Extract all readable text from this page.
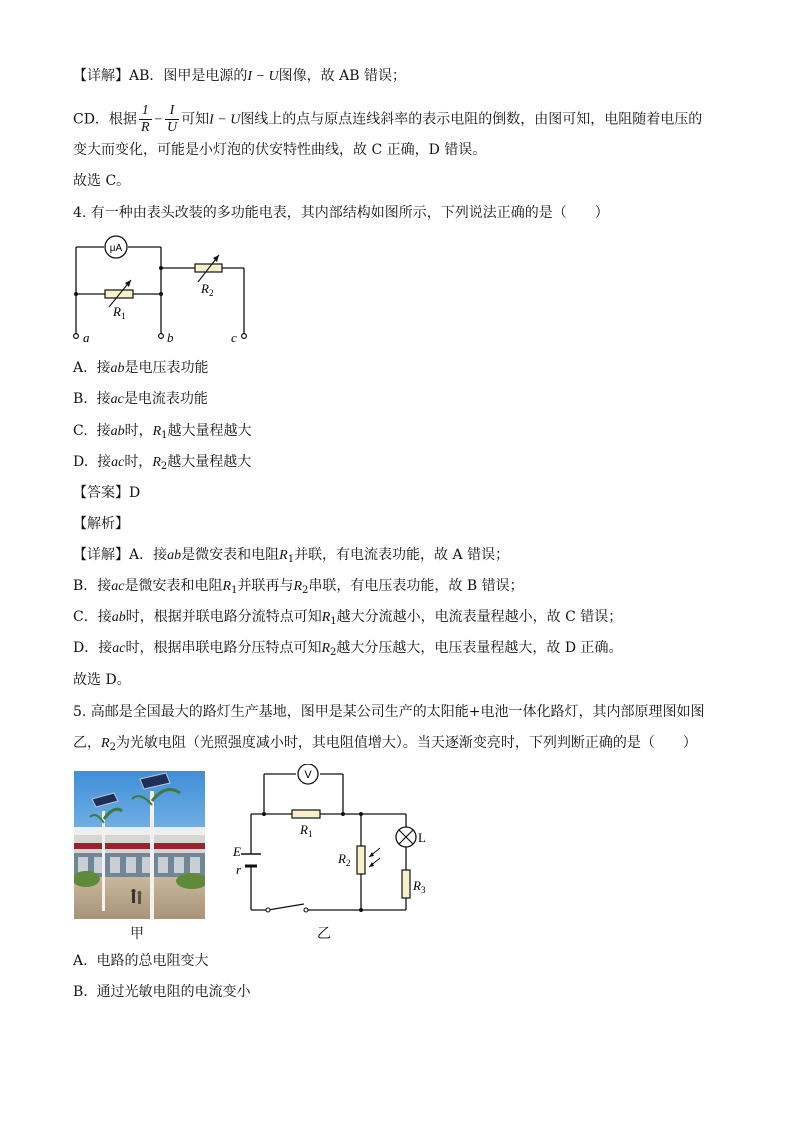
【详解】AB．图甲是电源的I − U图像，故 AB 错误；
CD．根据 $\frac{1}{R} - \frac{I}{U}$ 可知I − U图线上的点与原点连线斜率的表示电阻的倒数，由图可知，电阻随着电压的
变大而变化，可能是小灯泡的伏安特性曲线，故 C 正确，D 错误。
故选 C。
4. 有一种由表头改装的多功能电表，其内部结构如图所示，下列说法正确的是（　　）
μA
$R_1$
$R_2$
a	b	c
A. 接ab是电压表功能
B. 接ac是电流表功能
C. 接ab时，$R_1$越大量程越大
D. 接ac时，$R_2$越大量程越大
【答案】D
【解析】
【详解】A．接ab是微安表和电阻$R_1$并联，有电流表功能，故 A 错误；
B．接ac是微安表和电阻$R_1$并联再与$R_2$串联，有电压表功能，故 B 错误；
C．接ab时，根据并联电路分流特点可知$R_1$越大分流越小，电流表量程越小，故 C 错误；
D．接ac时，根据串联电路分压特点可知$R_2$越大分压越大，电压表量程越大，故 D 正确。
故选 D。
5. 高邮是全国最大的路灯生产基地，图甲是某公司生产的太阳能+电池一体化路灯，其内部原理图如图
乙，$R_2$为光敏电阻（光照强度减小时，其电阻值增大）。当天逐渐变亮时，下列判断正确的是（　　）
甲
V
E
r
$R_1$
$R_2$
$R_3$
L
乙
A. 电路的总电阻变大
B. 通过光敏电阻的电流变小
